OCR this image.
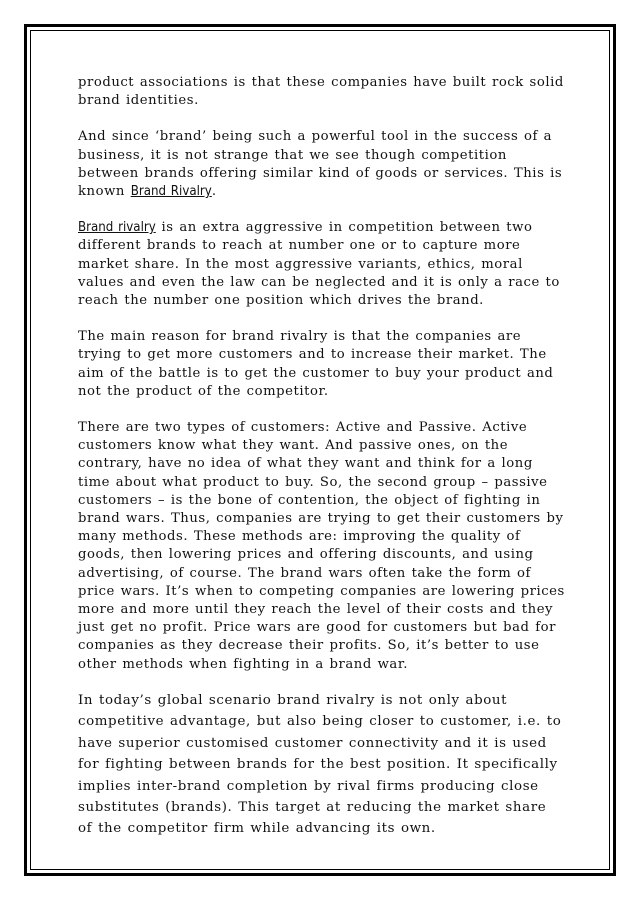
product associations is that these companies have built rock solid brand identities.

And since ‘brand’ being such a powerful tool in the success of a business, it is not strange that we see though competition between brands offering similar kind of goods or services. This is known Brand Rivalry.

Brand rivalry is an extra aggressive in competition between two different brands to reach at number one or to capture more market share. In the most aggressive variants, ethics, moral values and even the law can be neglected and it is only a race to reach the number one position which drives the brand.

The main reason for brand rivalry is that the companies are trying to get more customers and to increase their market. The aim of the battle is to get the customer to buy your product and not the product of the competitor.

There are two types of customers: Active and Passive. Active customers know what they want. And passive ones, on the contrary, have no idea of what they want and think for a long time about what product to buy. So, the second group – passive customers – is the bone of contention, the object of fighting in brand wars. Thus, companies are trying to get their customers by many methods. These methods are: improving the quality of goods, then lowering prices and offering discounts, and using advertising, of course. The brand wars often take the form of price wars. It’s when to competing companies are lowering prices more and more until they reach the level of their costs and they just get no profit. Price wars are good for customers but bad for companies as they decrease their profits. So, it’s better to use other methods when fighting in a brand war.

In today’s global scenario brand rivalry is not only about competitive advantage, but also being closer to customer, i.e. to have superior customised customer connectivity and it is used for fighting between brands for the best position. It specifically implies inter-brand completion by rival firms producing close substitutes (brands). This target at reducing the market share of the competitor firm while advancing its own.
